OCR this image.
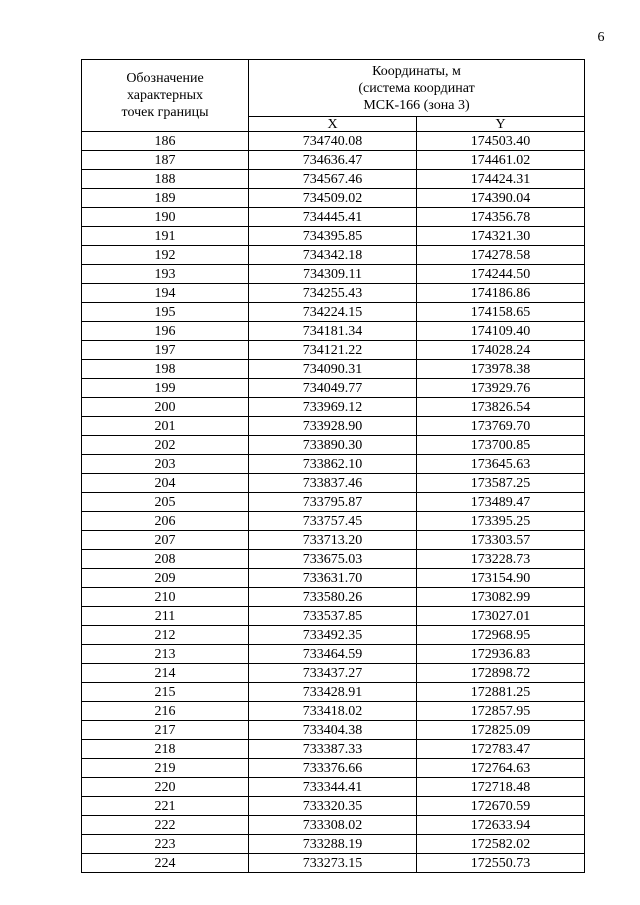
6
Обозначение
характерных
точек границы	Координаты, м
(система координат
МСК-166 (зона 3)	

	X	Y
186	734740.08	174503.40
187	734636.47	174461.02
188	734567.46	174424.31
189	734509.02	174390.04
190	734445.41	174356.78
191	734395.85	174321.30
192	734342.18	174278.58
193	734309.11	174244.50
194	734255.43	174186.86
195	734224.15	174158.65
196	734181.34	174109.40
197	734121.22	174028.24
198	734090.31	173978.38
199	734049.77	173929.76
200	733969.12	173826.54
201	733928.90	173769.70
202	733890.30	173700.85
203	733862.10	173645.63
204	733837.46	173587.25
205	733795.87	173489.47
206	733757.45	173395.25
207	733713.20	173303.57
208	733675.03	173228.73
209	733631.70	173154.90
210	733580.26	173082.99
211	733537.85	173027.01
212	733492.35	172968.95
213	733464.59	172936.83
214	733437.27	172898.72
215	733428.91	172881.25
216	733418.02	172857.95
217	733404.38	172825.09
218	733387.33	172783.47
219	733376.66	172764.63
220	733344.41	172718.48
221	733320.35	172670.59
222	733308.02	172633.94
223	733288.19	172582.02
224	733273.15	172550.73
